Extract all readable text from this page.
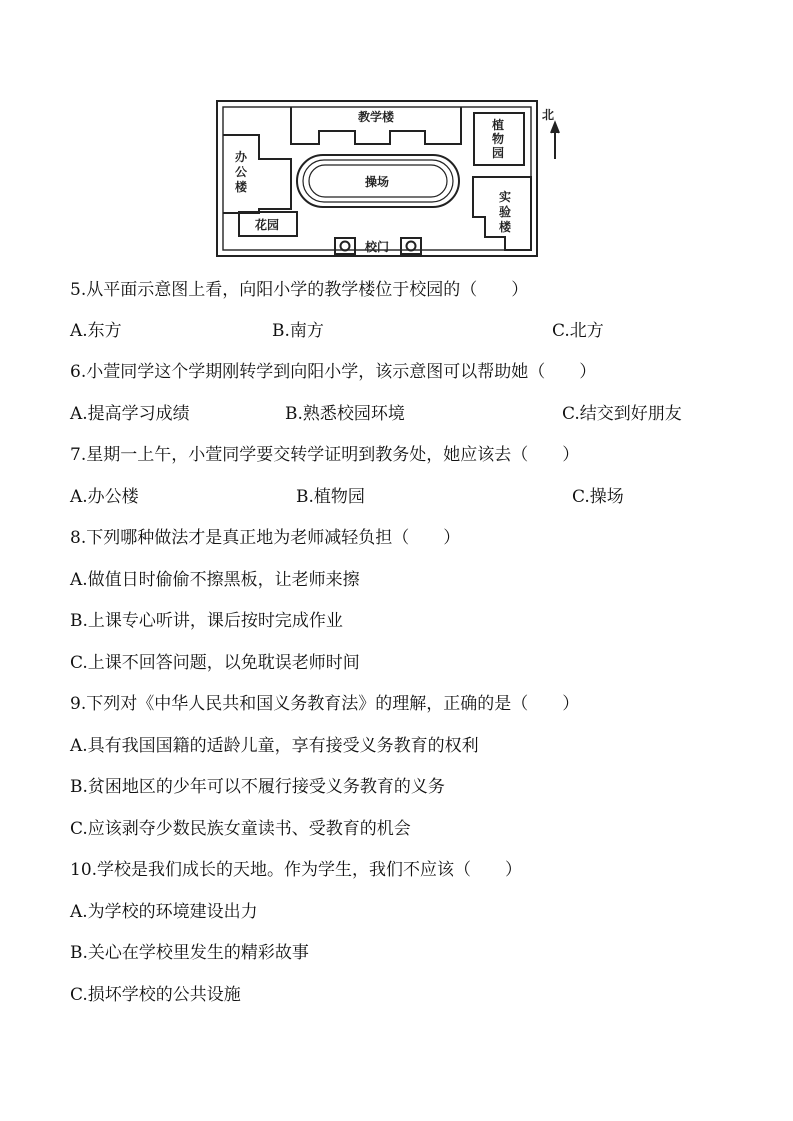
教学楼
植
物
园
办
公
楼	操场
实
验
楼
花园
校门
北
5.从平面示意图上看，向阳小学的教学楼位于校园的（　　）
A.东方	B.南方	C.北方
6.小萱同学这个学期刚转学到向阳小学，该示意图可以帮助她（　　）
A.提高学习成绩	B.熟悉校园环境	C.结交到好朋友
7.星期一上午，小萱同学要交转学证明到教务处，她应该去（　　）
A.办公楼	B.植物园	C.操场
8.下列哪种做法才是真正地为老师减轻负担（　　）
A.做值日时偷偷不擦黑板，让老师来擦
B.上课专心听讲，课后按时完成作业
C.上课不回答问题，以免耽误老师时间
9.下列对《中华人民共和国义务教育法》的理解，正确的是（　　）
A.具有我国国籍的适龄儿童，享有接受义务教育的权利
B.贫困地区的少年可以不履行接受义务教育的义务
C.应该剥夺少数民族女童读书、受教育的机会
10.学校是我们成长的天地。作为学生，我们不应该（　　）
A.为学校的环境建设出力
B.关心在学校里发生的精彩故事
C.损坏学校的公共设施
